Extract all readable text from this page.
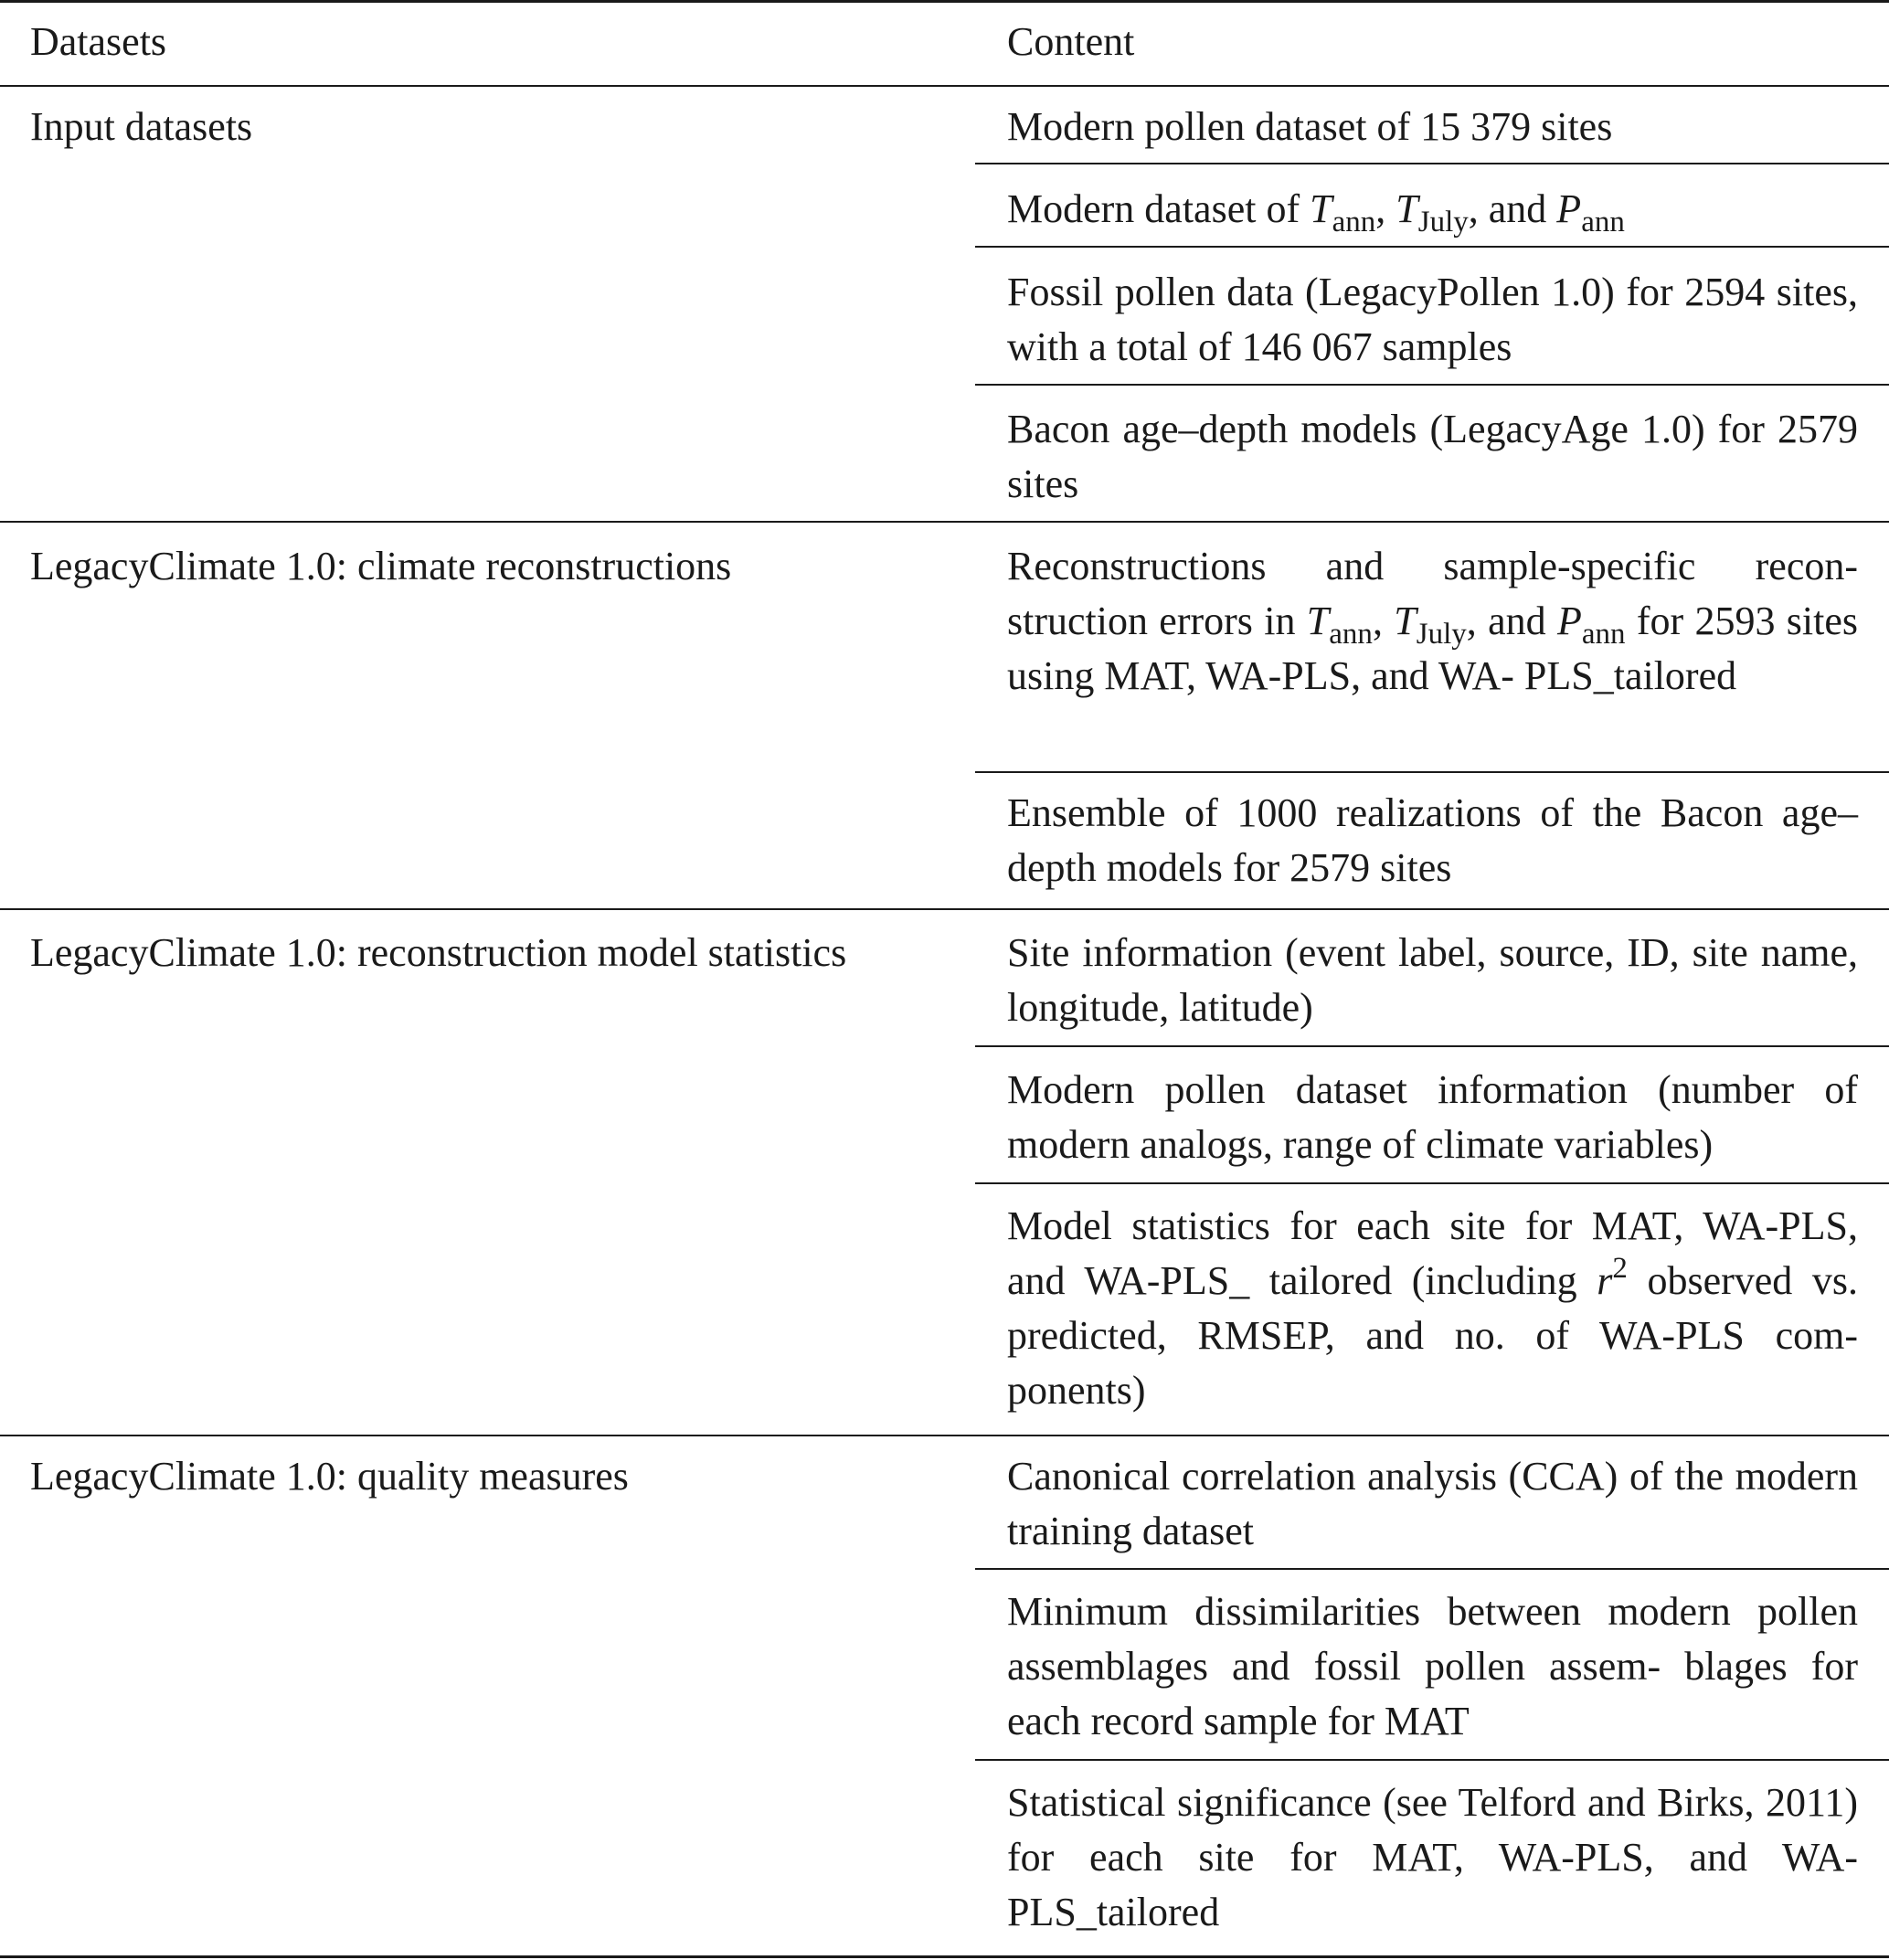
Datasets	Content
Input datasets	Modern pollen dataset of 15 379 sites
Modern dataset of $T_{ann}$, $T_{July}$, and $P_{ann}$
Fossil pollen data (LegacyPollen 1.0) for 2594 sites, with a total of 146 067 samples
Bacon age–depth models (LegacyAge 1.0) for 2579 sites
LegacyClimate 1.0: climate reconstructions	Reconstructions and sample-specific recon- struction errors in $T_{ann}$, $T_{July}$, and $P_{ann}$ for 2593 sites using MAT, WA-PLS, and WA- PLS_tailored
Ensemble of 1000 realizations of the Bacon age–depth models for 2579 sites
LegacyClimate 1.0: reconstruction model statistics	Site information (event label, source, ID, site name, longitude, latitude)
Modern pollen dataset information (number of modern analogs, range of climate variables)
Model statistics for each site for MAT, WA-PLS, and WA-PLS_ tailored (including $r^2$ observed vs. predicted, RMSEP, and no. of WA-PLS com- ponents)
LegacyClimate 1.0: quality measures	Canonical correlation analysis (CCA) of the modern training dataset
Minimum dissimilarities between modern pollen assemblages and fossil pollen assem- blages for each record sample for MAT
Statistical significance (see Telford and Birks, 2011) for each site for MAT, WA-PLS, and WA- PLS_tailored
